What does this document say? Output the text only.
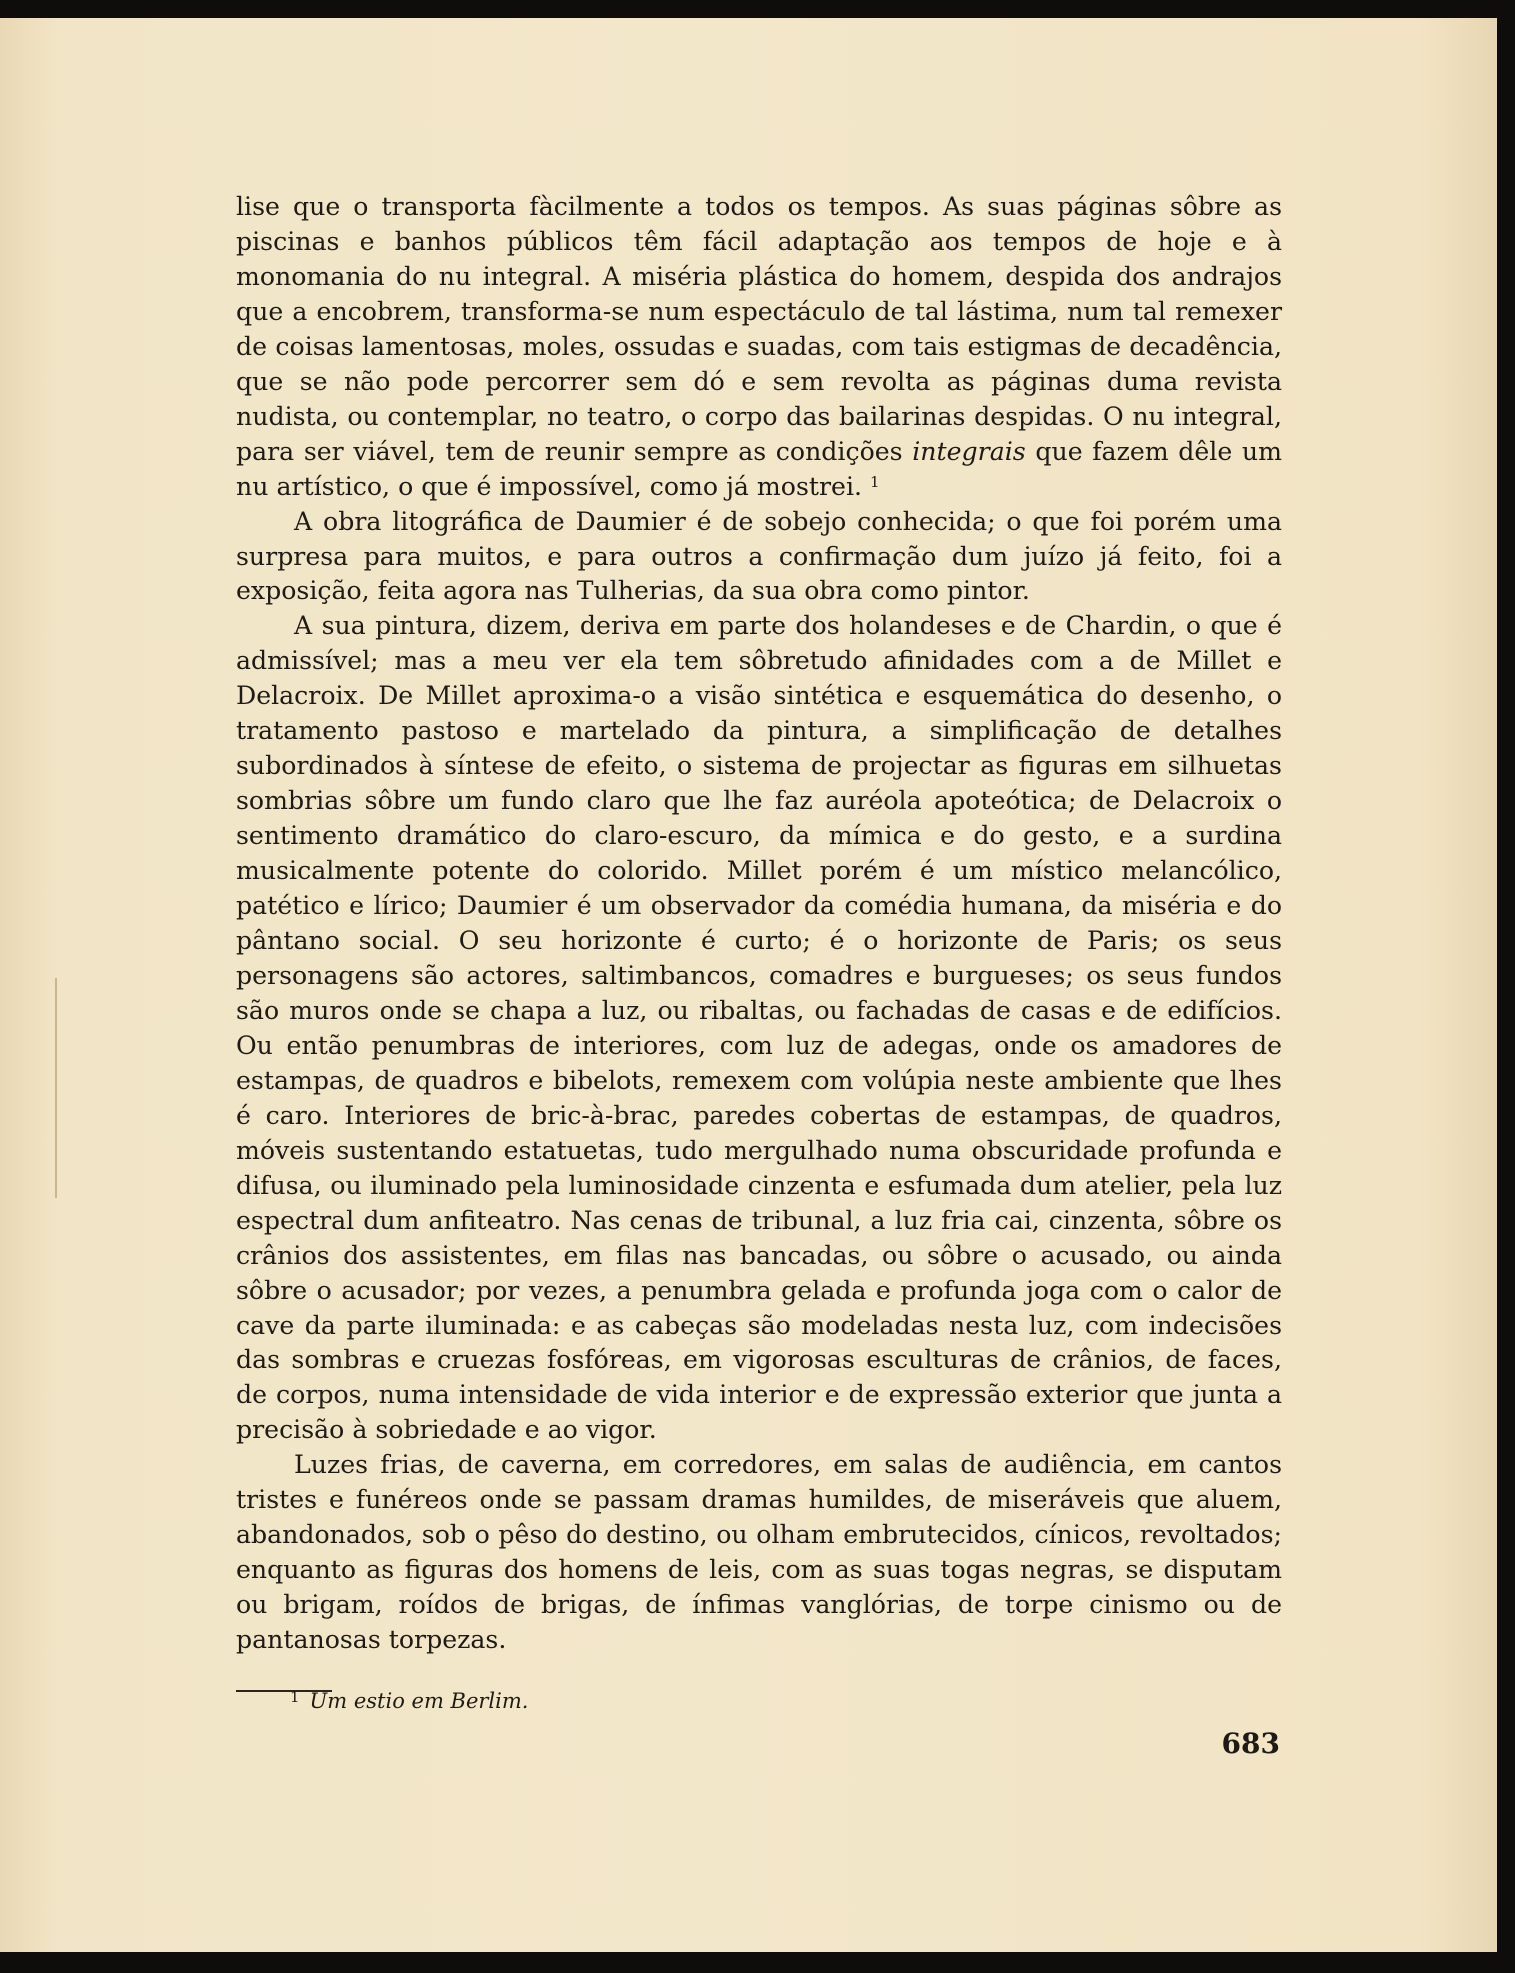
lise que o transporta fàcilmente a todos os tempos. As suas páginas sôbre as piscinas e banhos públicos têm fácil adaptação aos tempos de hoje e à monomania do nu integral. A miséria plástica do homem, despida dos andrajos que a encobrem, transforma-se num espectáculo de tal lástima, num tal remexer de coisas lamentosas, moles, ossudas e suadas, com tais estigmas de decadência, que se não pode percorrer sem dó e sem revolta as páginas duma revista nudista, ou contemplar, no teatro, o corpo das bailarinas despidas. O nu integral, para ser viável, tem de reunir sempre as condições integrais que fazem dêle um nu artístico, o que é impossível, como já mostrei. $^1$

A obra litográfica de Daumier é de sobejo conhecida; o que foi porém uma surpresa para muitos, e para outros a confirmação dum juízo já feito, foi a exposição, feita agora nas Tulherias, da sua obra como pintor.

A sua pintura, dizem, deriva em parte dos holandeses e de Chardin, o que é admissível; mas a meu ver ela tem sôbretudo afinidades com a de Millet e Delacroix. De Millet aproxima-o a visão sintética e esquemática do desenho, o tratamento pastoso e martelado da pintura, a simplificação de detalhes subordinados à síntese de efeito, o sistema de projectar as figuras em silhuetas sombrias sôbre um fundo claro que lhe faz auréola apoteótica; de Delacroix o sentimento dramático do claro-escuro, da mímica e do gesto, e a surdina musicalmente potente do colorido. Millet porém é um místico melancólico, patético e lírico; Daumier é um observador da comédia humana, da miséria e do pântano social. O seu horizonte é curto; é o horizonte de Paris; os seus personagens são actores, saltimbancos, comadres e burgueses; os seus fundos são muros onde se chapa a luz, ou ribaltas, ou fachadas de casas e de edifícios. Ou então penumbras de interiores, com luz de adegas, onde os amadores de estampas, de quadros e bibelots, remexem com volúpia neste ambiente que lhes é caro. Interiores de bric-à-brac, paredes cobertas de estampas, de quadros, móveis sustentando estatuetas, tudo mergulhado numa obscuridade profunda e difusa, ou iluminado pela luminosidade cinzenta e esfumada dum atelier, pela luz espectral dum anfiteatro. Nas cenas de tribunal, a luz fria cai, cinzenta, sôbre os crânios dos assistentes, em filas nas bancadas, ou sôbre o acusado, ou ainda sôbre o acusador; por vezes, a penumbra gelada e profunda joga com o calor de cave da parte iluminada: e as cabeças são modeladas nesta luz, com indecisões das sombras e cruezas fosfóreas, em vigorosas esculturas de crânios, de faces, de corpos, numa intensidade de vida interior e de expressão exterior que junta a precisão à sobriedade e ao vigor.

Luzes frias, de caverna, em corredores, em salas de audiência, em cantos tristes e funéreos onde se passam dramas humildes, de miseráveis que aluem, abandonados, sob o pêso do destino, ou olham embrutecidos, cínicos, revoltados; enquanto as figuras dos homens de leis, com as suas togas negras, se disputam ou brigam, roídos de brigas, de ínfimas vanglórias, de torpe cinismo ou de pantanosas torpezas.

$^1$ Um estio em Berlim.
683
